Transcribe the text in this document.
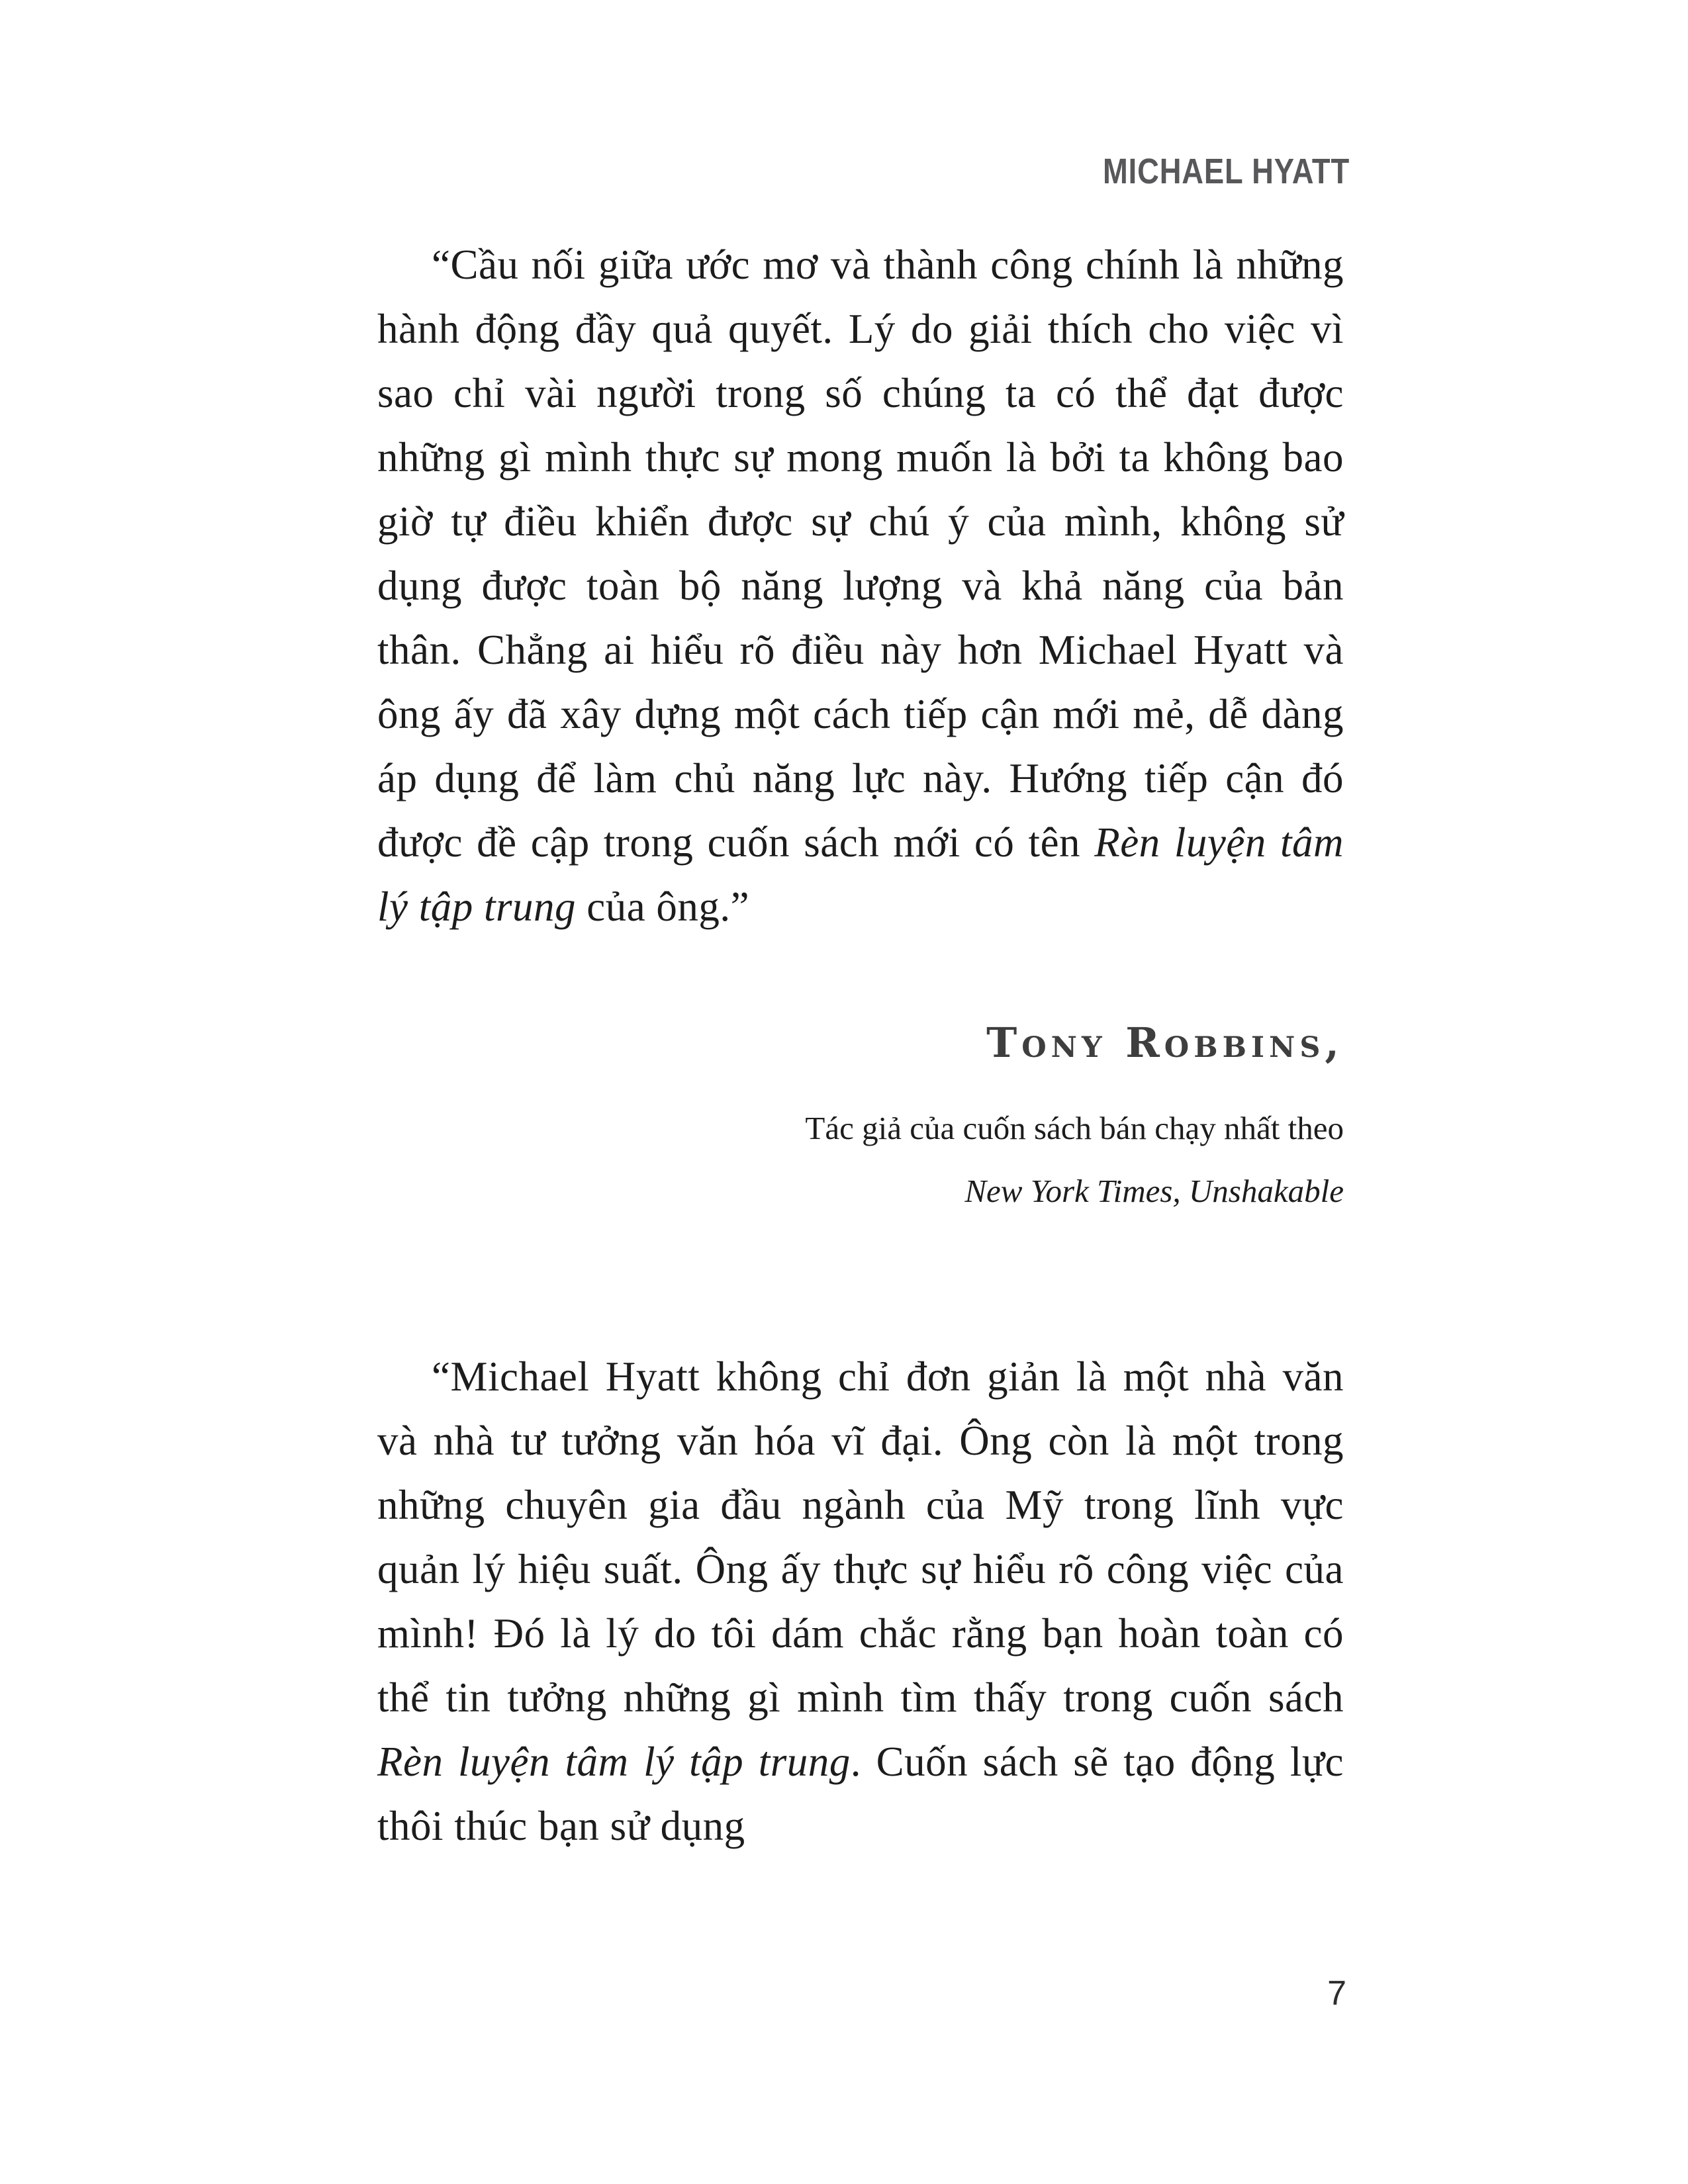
MICHAEL HYATT

“Cầu nối giữa ước mơ và thành công chính là những hành động đầy quả quyết. Lý do giải thích cho việc vì sao chỉ vài người trong số chúng ta có thể đạt được những gì mình thực sự mong muốn là bởi ta không bao giờ tự điều khiển được sự chú ý của mình, không sử dụng được toàn bộ năng lượng và khả năng của bản thân. Chẳng ai hiểu rõ điều này hơn Michael Hyatt và ông ấy đã xây dựng một cách tiếp cận mới mẻ, dễ dàng áp dụng để làm chủ năng lực này. Hướng tiếp cận đó được đề cập trong cuốn sách mới có tên Rèn luyện tâm lý tập trung của ông.”

Tony Robbins,
Tác giả của cuốn sách bán chạy nhất theo
New York Times, Unshakable

“Michael Hyatt không chỉ đơn giản là một nhà văn và nhà tư tưởng văn hóa vĩ đại. Ông còn là một trong những chuyên gia đầu ngành của Mỹ trong lĩnh vực quản lý hiệu suất. Ông ấy thực sự hiểu rõ công việc của mình! Đó là lý do tôi dám chắc rằng bạn hoàn toàn có thể tin tưởng những gì mình tìm thấy trong cuốn sách Rèn luyện tâm lý tập trung. Cuốn sách sẽ tạo động lực thôi thúc bạn sử dụng

7
